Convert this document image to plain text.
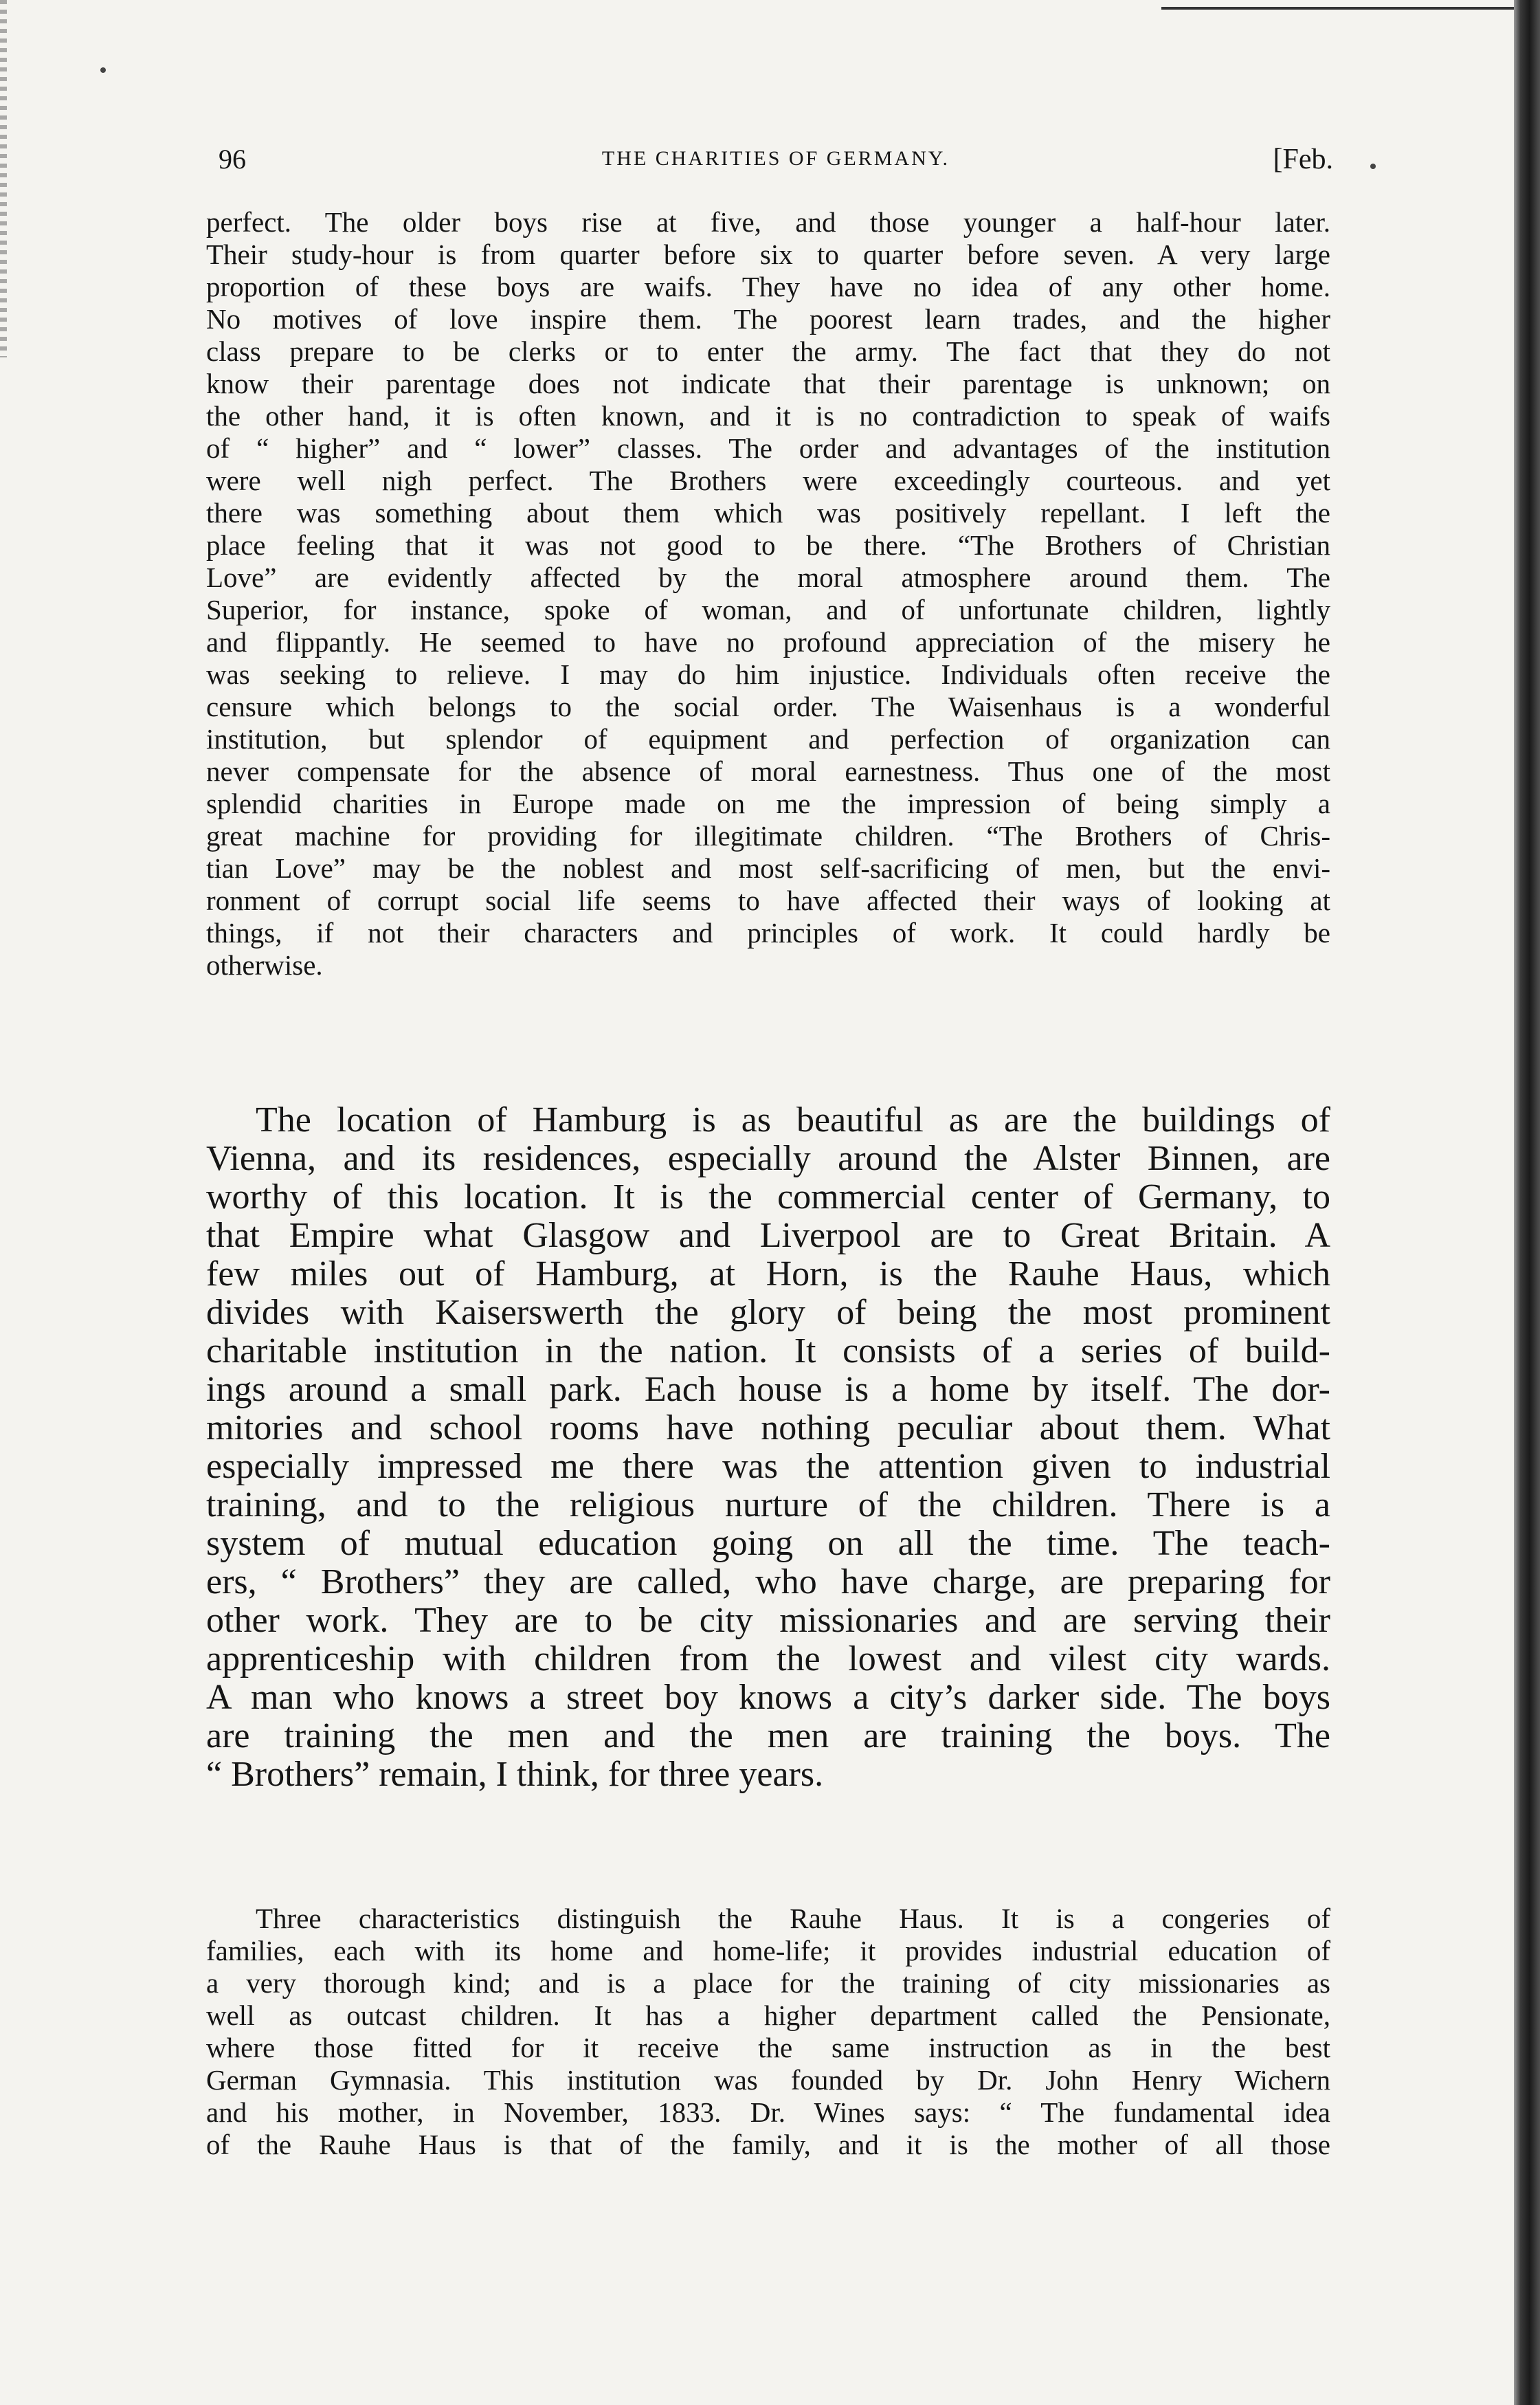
96	THE CHARITIES OF GERMANY.	[Feb.

perfect. The older boys rise at five, and those younger a half-hour later.

Their study-hour is from quarter before six to quarter before seven. A very large

proportion of these boys are waifs. They have no idea of any other home.

No motives of love inspire them. The poorest learn trades, and the higher

class prepare to be clerks or to enter the army. The fact that they do not

know their parentage does not indicate that their parentage is unknown; on

the other hand, it is often known, and it is no contradiction to speak of waifs

of “ higher” and “ lower” classes. The order and advantages of the institution

were well nigh perfect. The Brothers were exceedingly courteous. and yet

there was something about them which was positively repellant. I left the

place feeling that it was not good to be there. “The Brothers of Christian

Love” are evidently affected by the moral atmosphere around them. The

Superior, for instance, spoke of woman, and of unfortunate children, lightly

and flippantly. He seemed to have no profound appreciation of the misery he

was seeking to relieve. I may do him injustice. Individuals often receive the

censure which belongs to the social order. The Waisenhaus is a wonderful

institution, but splendor of equipment and perfection of organization can

never compensate for the absence of moral earnestness. Thus one of the most

splendid charities in Europe made on me the impression of being simply a

great machine for providing for illegitimate children. “The Brothers of Chris-

tian Love” may be the noblest and most self-sacrificing of men, but the envi-

ronment of corrupt social life seems to have affected their ways of looking at

things, if not their characters and principles of work. It could hardly be

otherwise.

The location of Hamburg is as beautiful as are the buildings of

Vienna, and its residences, especially around the Alster Binnen, are

worthy of this location. It is the commercial center of Germany, to

that Empire what Glasgow and Liverpool are to Great Britain. A

few miles out of Hamburg, at Horn, is the Rauhe Haus, which

divides with Kaiserswerth the glory of being the most prominent

charitable institution in the nation. It consists of a series of build-

ings around a small park. Each house is a home by itself. The dor-

mitories and school rooms have nothing peculiar about them. What

especially impressed me there was the attention given to industrial

training, and to the religious nurture of the children. There is a

system of mutual education going on all the time. The teach-

ers, “ Brothers” they are called, who have charge, are preparing for

other work. They are to be city missionaries and are serving their

apprenticeship with children from the lowest and vilest city wards.

A man who knows a street boy knows a city’s darker side. The boys

are training the men and the men are training the boys. The

“ Brothers” remain, I think, for three years.

Three characteristics distinguish the Rauhe Haus. It is a congeries of

families, each with its home and home-life; it provides industrial education of

a very thorough kind; and is a place for the training of city missionaries as

well as outcast children. It has a higher department called the Pensionate,

where those fitted for it receive the same instruction as in the best

German Gymnasia. This institution was founded by Dr. John Henry Wichern

and his mother, in November, 1833. Dr. Wines says: “ The fundamental idea

of the Rauhe Haus is that of the family, and it is the mother of all those
